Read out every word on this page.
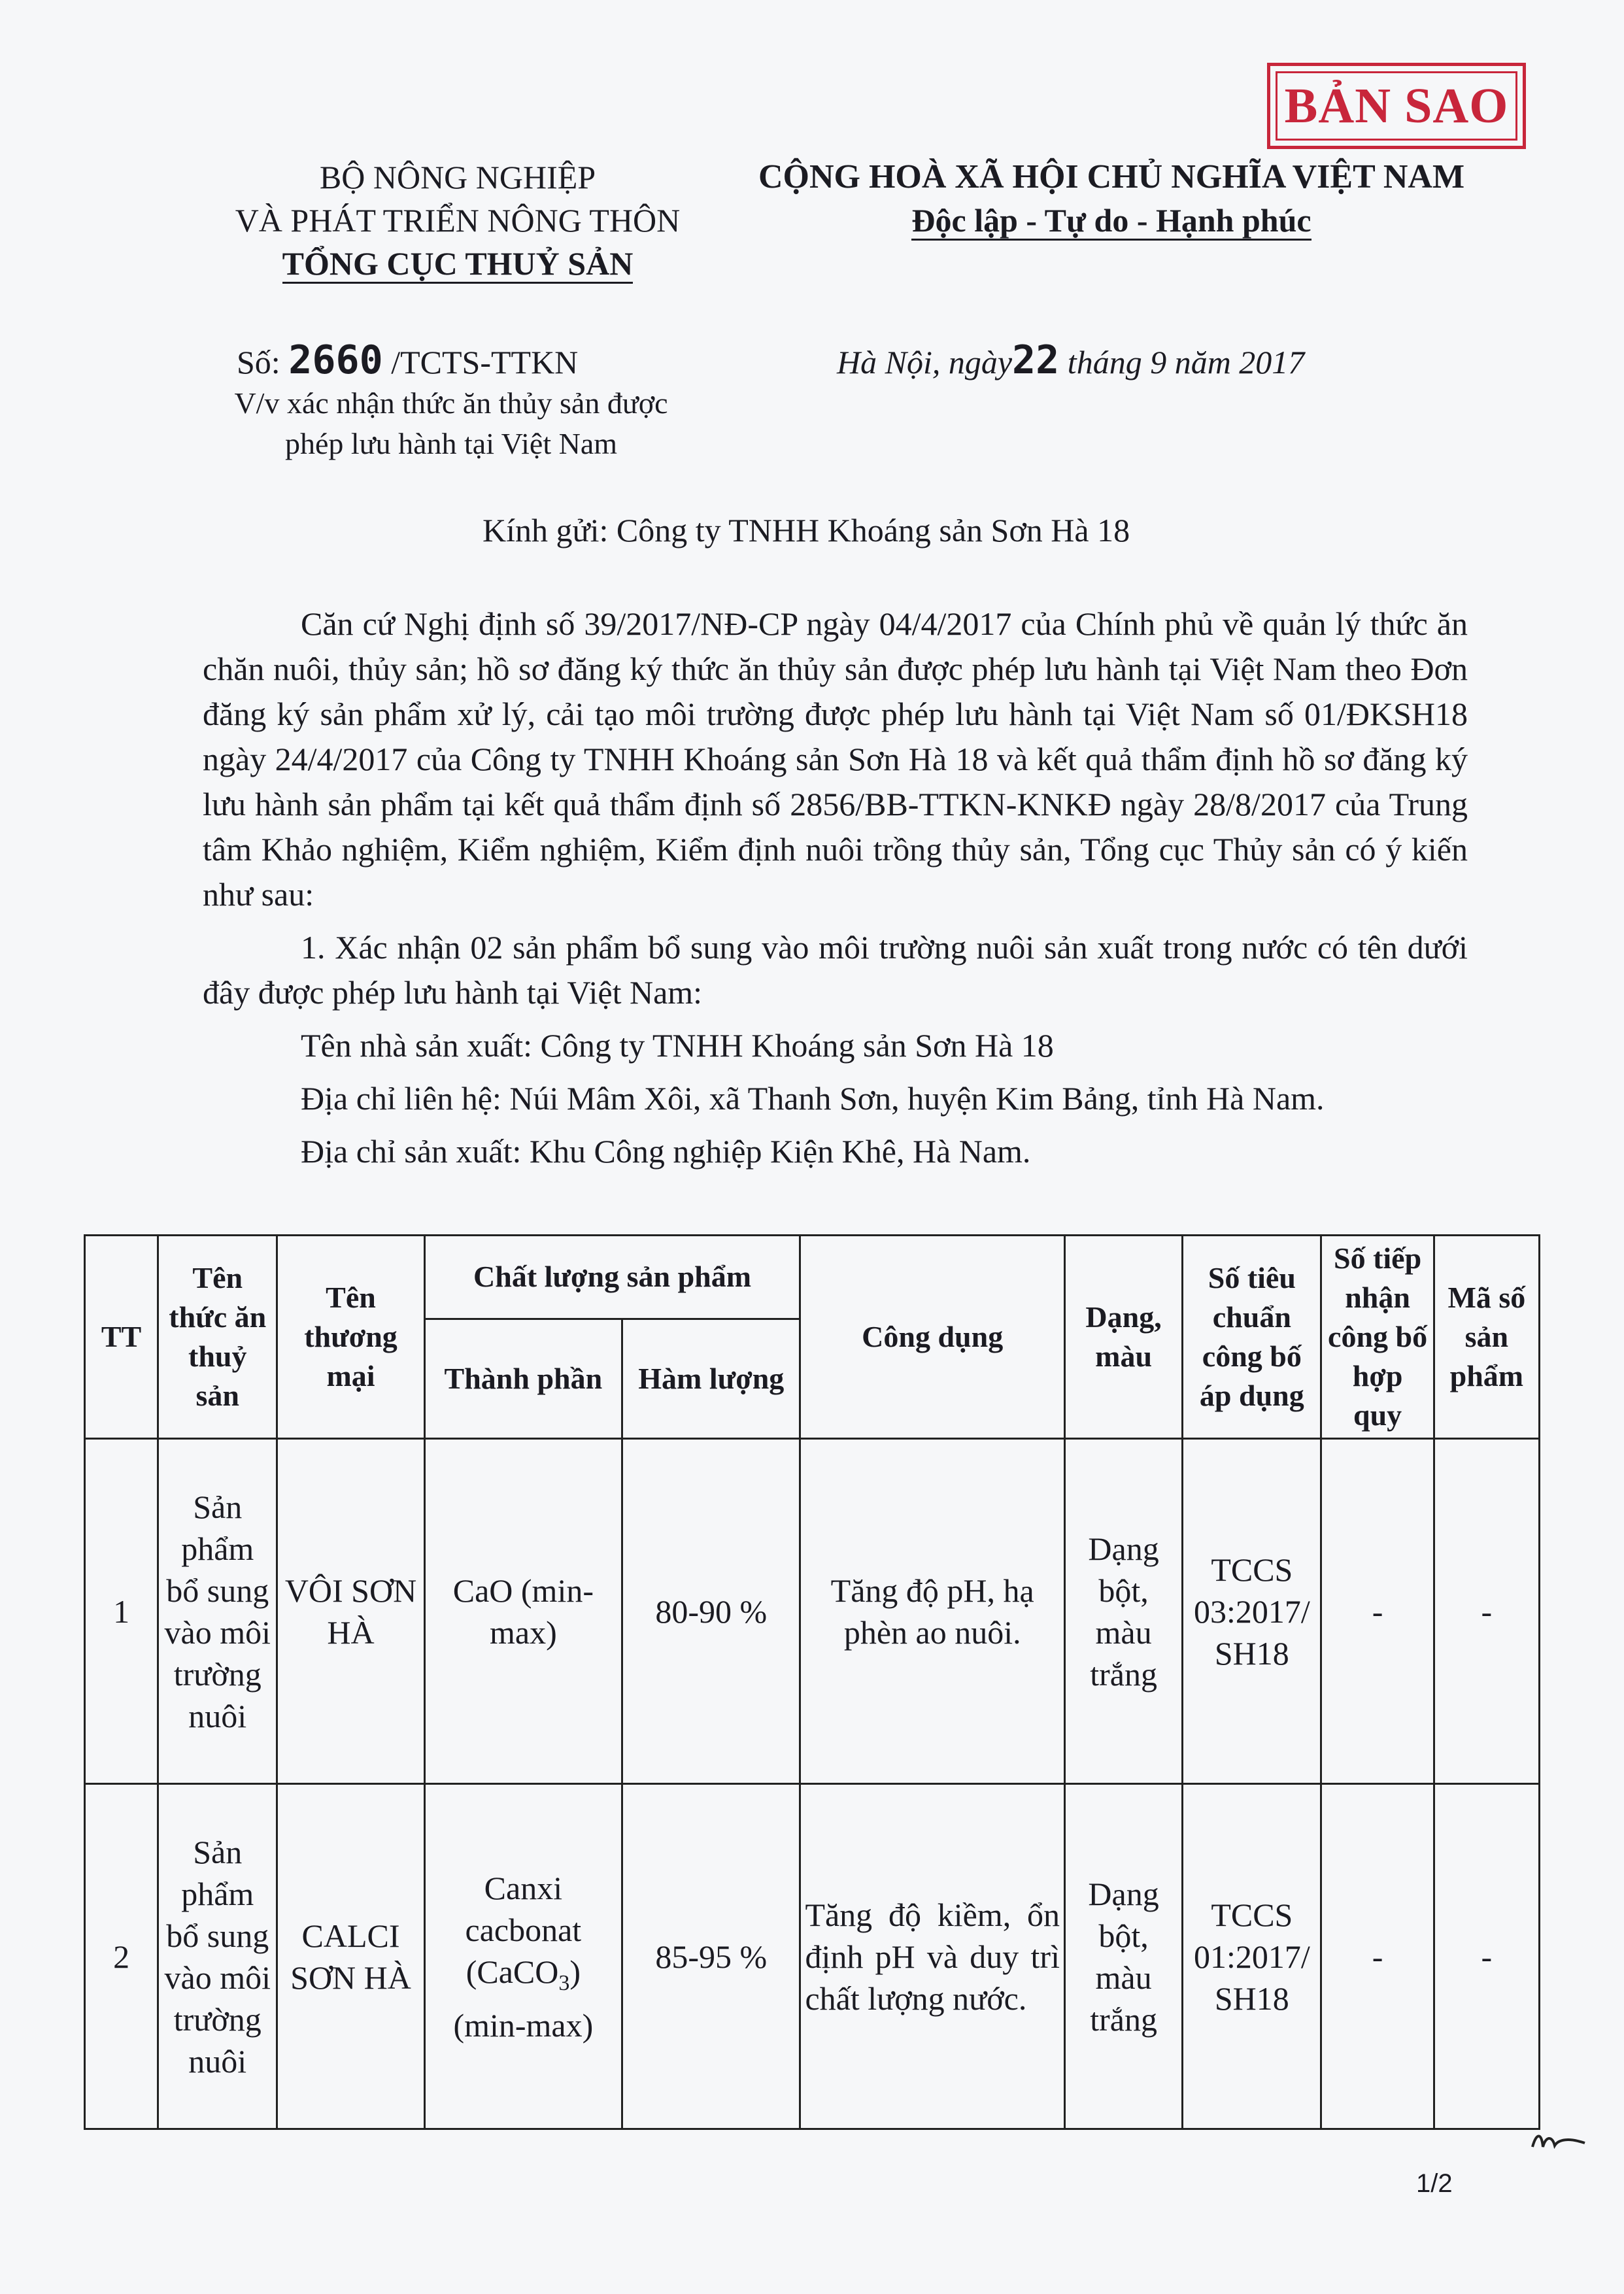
BẢN SAO
BỘ NÔNG NGHIỆP
VÀ PHÁT TRIỂN NÔNG THÔN
TỔNG CỤC THUỶ SẢN
CỘNG HOÀ XÃ HỘI CHỦ NGHĨA VIỆT NAM
Độc lập - Tự do - Hạnh phúc
Số: 2660 /TCTS-TTKN
V/v xác nhận thức ăn thủy sản được
phép lưu hành tại Việt Nam
Hà Nội, ngày22 tháng 9 năm 2017
Kính gửi: Công ty TNHH Khoáng sản Sơn Hà 18

Căn cứ Nghị định số 39/2017/NĐ-CP ngày 04/4/2017 của Chính phủ về quản lý thức ăn chăn nuôi, thủy sản; hồ sơ đăng ký thức ăn thủy sản được phép lưu hành tại Việt Nam theo Đơn đăng ký sản phẩm xử lý, cải tạo môi trường được phép lưu hành tại Việt Nam số 01/ĐKSH18 ngày 24/4/2017 của Công ty TNHH Khoáng sản Sơn Hà 18 và kết quả thẩm định hồ sơ đăng ký lưu hành sản phẩm tại kết quả thẩm định số 2856/BB-TTKN-KNKĐ ngày 28/8/2017 của Trung tâm Khảo nghiệm, Kiểm nghiệm, Kiểm định nuôi trồng thủy sản, Tổng cục Thủy sản có ý kiến như sau:

1. Xác nhận 02 sản phẩm bổ sung vào môi trường nuôi sản xuất trong nước có tên dưới đây được phép lưu hành tại Việt Nam:

Tên nhà sản xuất: Công ty TNHH Khoáng sản Sơn Hà 18

Địa chỉ liên hệ: Núi Mâm Xôi, xã Thanh Sơn, huyện Kim Bảng, tỉnh Hà Nam.

Địa chỉ sản xuất: Khu Công nghiệp Kiện Khê, Hà Nam.

TT	Tên thức ăn thuỷ sản	Tên thương mại	Chất lượng sản phẩm		Công dụng	Dạng, màu	Số tiêu chuẩn công bố áp dụng	Số tiếp nhận công bố hợp quy	Mã số sản phẩm
			Thành phần	Hàm lượng					
1	Sản phẩm bổ sung vào môi trường nuôi	VÔI SƠN HÀ	CaO (min-max)	80-90 %	Tăng độ pH, hạ phèn ao nuôi.	Dạng bột, màu trắng	TCCS 03:2017/ SH18	-	-
2	Sản phẩm bổ sung vào môi trường nuôi	CALCI SƠN HÀ	Canxi cacbonat
(CaCO$_3$)
(min-max)	85-95 %	Tăng độ kiềm, ổn định pH và duy trì chất lượng nước.	Dạng bột, màu trắng	TCCS 01:2017/ SH18	-	-
1/2
